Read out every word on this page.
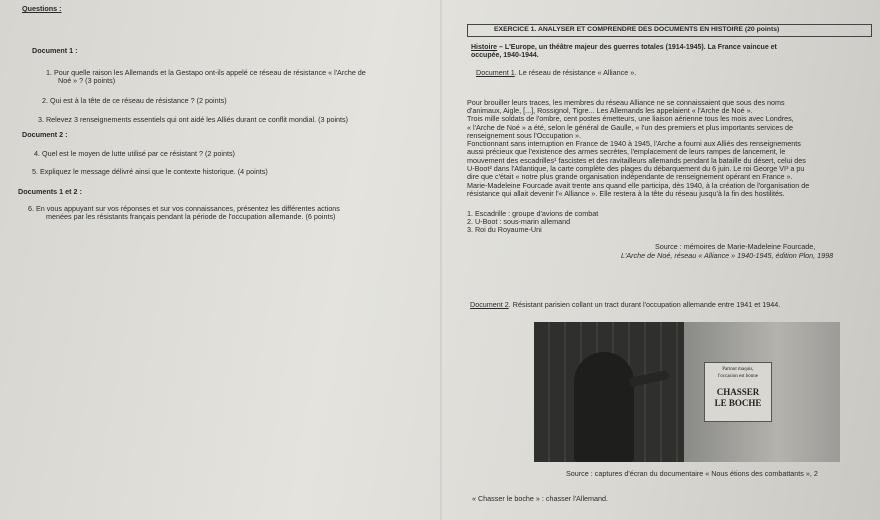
Questions :
Document 1 :
1. Pour quelle raison les Allemands et la Gestapo ont-ils appelé ce réseau de résistance « l'Arche de
Noé » ? (3 points)
2. Qui est à la tête de ce réseau de résistance ? (2 points)
3. Relevez 3 renseignements essentiels qui ont aidé les Alliés durant ce conflit mondial. (3 points)
Document 2 :
4. Quel est le moyen de lutte utilisé par ce résistant ? (2 points)
5. Expliquez le message délivré ainsi que le contexte historique. (4 points)
Documents 1 et 2 :
6. En vous appuyant sur vos réponses et sur vos connaissances, présentez les différentes actions
menées par les résistants français pendant la période de l'occupation allemande. (6 points)
EXERCICE 1. ANALYSER ET COMPRENDRE DES DOCUMENTS EN HISTOIRE (20 points)
Histoire – L'Europe, un théâtre majeur des guerres totales (1914-1945). La France vaincue et
occupée, 1940-1944.
Document 1. Le réseau de résistance « Alliance ».
Pour brouiller leurs traces, les membres du réseau Alliance ne se connaissaient que sous des noms
d'animaux, Aigle, [...], Rossignol, Tigre... Les Allemands les appelaient « l'Arche de Noé ».
Trois mille soldats de l'ombre, cent postes émetteurs, une liaison aérienne tous les mois avec Londres,
« l'Arche de Noé » a été, selon le général de Gaulle, « l'un des premiers et plus importants services de
renseignement sous l'Occupation ».
Fonctionnant sans interruption en France de 1940 à 1945, l'Arche a fourni aux Alliés des renseignements
aussi précieux que l'existence des armes secrètes, l'emplacement de leurs rampes de lancement, le
mouvement des escadrilles¹ fascistes et des ravitailleurs allemands pendant la bataille du désert, celui des
U-Boot² dans l'Atlantique, la carte complète des plages du débarquement du 6 juin. Le roi George VI³ a pu
dire que c'était « notre plus grande organisation indépendante de renseignement opérant en France ».
Marie-Madeleine Fourcade avait trente ans quand elle participa, dès 1940, à la création de l'organisation de
résistance qui allait devenir l'« Alliance ». Elle restera à la tête du réseau jusqu'à la fin des hostilités.
1. Escadrille : groupe d'avions de combat
2. U-Boot : sous-marin allemand
3. Roi du Royaume-Uni
Source : mémoires de Marie-Madeleine Fourcade,
L'Arche de Noé, réseau « Alliance » 1940-1945, édition Plon, 1998
Document 2. Résistant parisien collant un tract durant l'occupation allemande entre 1941 et 1944.
Partout maquis,
l'occasion est bonne
CHASSER
LE BOCHE
Source : captures d'écran du documentaire « Nous étions des combattants », 2
« Chasser le boche » : chasser l'Allemand.
